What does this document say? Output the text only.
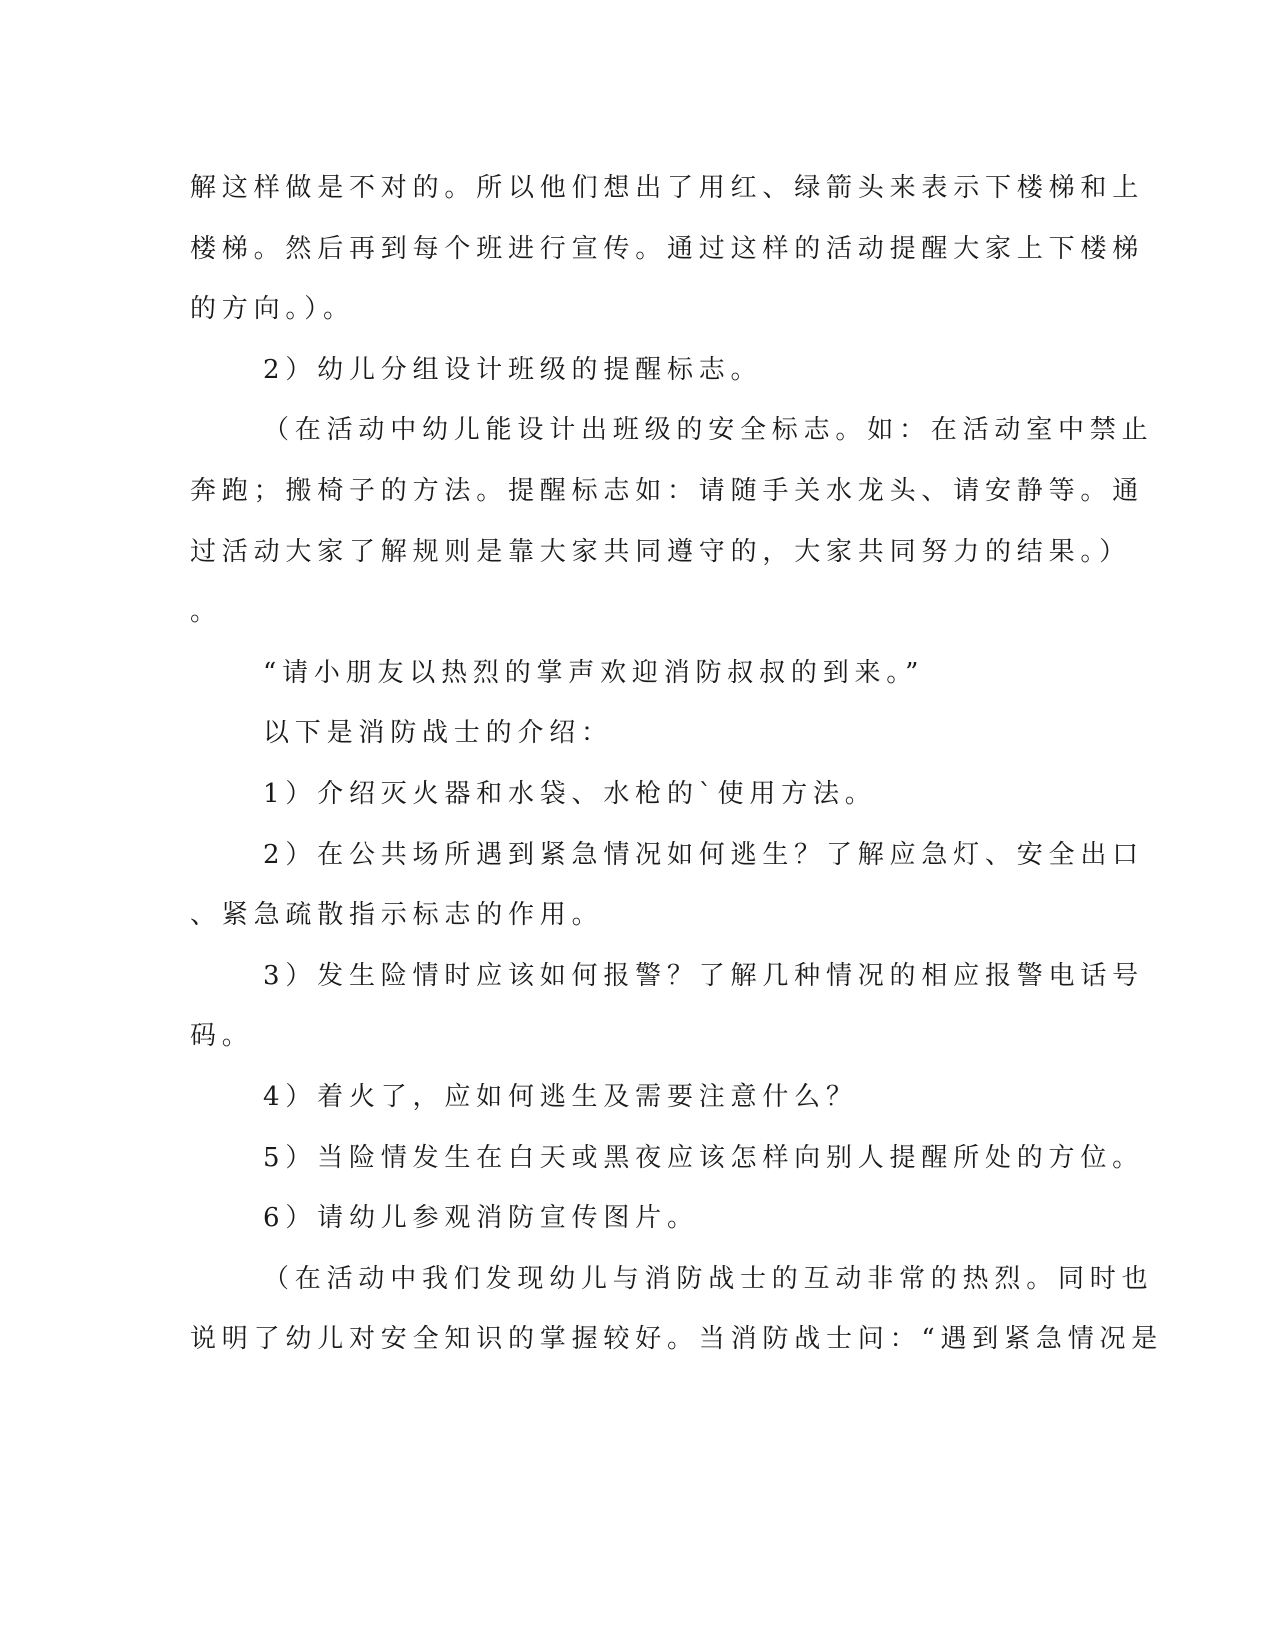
解这样做是不对的。所以他们想出了用红、绿箭头来表示下楼梯和上
楼梯。然后再到每个班进行宣传。通过这样的活动提醒大家上下楼梯
的方向。）。
2）幼儿分组设计班级的提醒标志。
（在活动中幼儿能设计出班级的安全标志。如：在活动室中禁止
奔跑；搬椅子的方法。提醒标志如：请随手关水龙头、请安静等。通
过活动大家了解规则是靠大家共同遵守的，大家共同努力的结果。）
。
“请小朋友以热烈的掌声欢迎消防叔叔的到来。”
以下是消防战士的介绍：
1）介绍灭火器和水袋、水枪的`使用方法。
2）在公共场所遇到紧急情况如何逃生？了解应急灯、安全出口
、紧急疏散指示标志的作用。
3）发生险情时应该如何报警？了解几种情况的相应报警电话号
码。
4）着火了，应如何逃生及需要注意什么？
5）当险情发生在白天或黑夜应该怎样向别人提醒所处的方位。
6）请幼儿参观消防宣传图片。
（在活动中我们发现幼儿与消防战士的互动非常的热烈。同时也
说明了幼儿对安全知识的掌握较好。当消防战士问：“遇到紧急情况是
